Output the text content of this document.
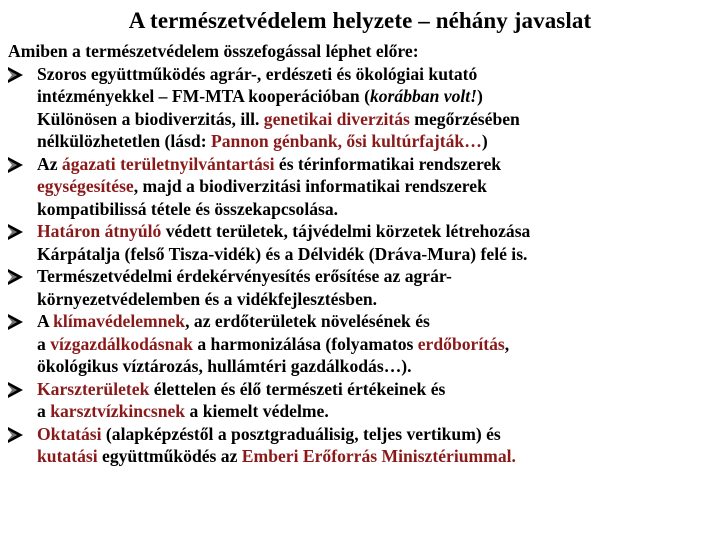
A természetvédelem helyzete – néhány javaslat

Amiben a természetvédelem összefogással léphet előre:

Szoros együttműködés agrár-, erdészeti és ökológiai kutató
intézményekkel – FM-MTA kooperációban (korábban volt!)
Különösen a biodiverzitás, ill. genetikai diverzitás megőrzésében
nélkülözhetetlen (lásd: Pannon génbank, ősi kultúrfajták…)
Az ágazati területnyilvántartási és térinformatikai rendszerek
egységesítése, majd a biodiverzitási informatikai rendszerek
kompatibilissá tétele és összekapcsolása.
Határon átnyúló védett területek, tájvédelmi körzetek létrehozása
Kárpátalja (felső Tisza-vidék) és a Délvidék (Dráva-Mura) felé is.
Természetvédelmi érdekérvényesítés erősítése az agrár-
környezetvédelemben és a vidékfejlesztésben.
A klímavédelemnek, az erdőterületek növelésének és
a vízgazdálkodásnak a harmonizálása (folyamatos erdőborítás,
ökológikus víztározás, hullámtéri gazdálkodás…).
Karszterületek élettelen és élő természeti értékeinek és
a karsztvízkincsnek a kiemelt védelme.
Oktatási (alapképzéstől a posztgraduálisig, teljes vertikum) és
kutatási együttműködés az Emberi Erőforrás Minisztériummal.
